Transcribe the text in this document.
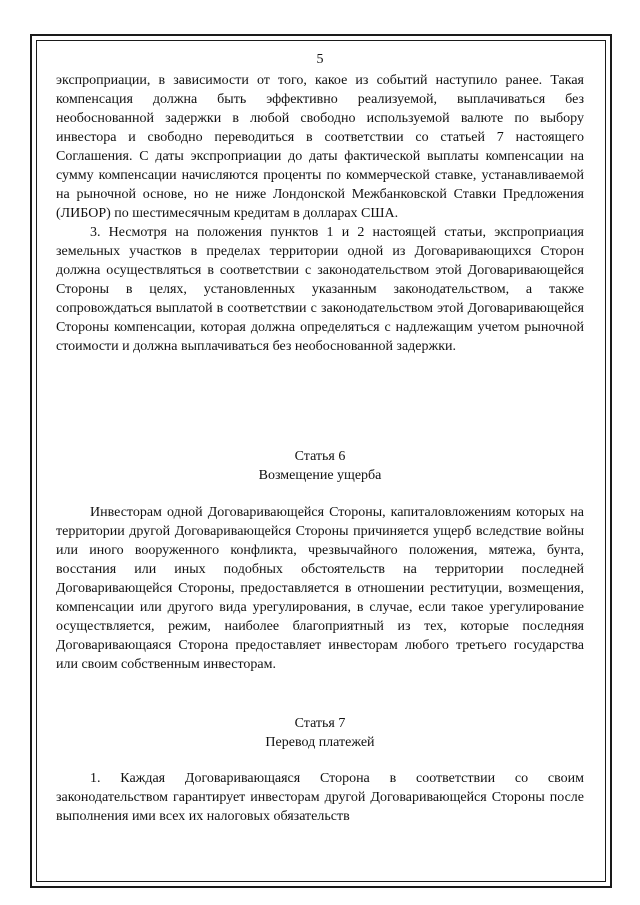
5

экспроприации, в зависимости от того, какое из событий наступило ранее. Такая компенсация должна быть эффективно реализуемой, выплачиваться без необоснованной задержки в любой свободно используемой валюте по выбору инвестора и свободно переводиться в соответствии со статьей 7 настоящего Соглашения. С даты экспроприации до даты фактической выплаты компенсации на сумму компенсации начисляются проценты по коммерческой ставке, устанавливаемой на рыночной основе, но не ниже Лондонской Межбанковской Ставки Предложения (ЛИБОР) по шестимесячным кредитам в долларах США.

3. Несмотря на положения пунктов 1 и 2 настоящей статьи, экспроприация земельных участков в пределах территории одной из Договаривающихся Сторон должна осуществляться в соответствии с законодательством этой Договаривающейся Стороны в целях, установленных указанным законодательством, а также сопровождаться выплатой в соответствии с законодательством этой Договаривающейся Стороны компенсации, которая должна определяться с надлежащим учетом рыночной стоимости и должна выплачиваться без необоснованной задержки.

Статья 6
Возмещение ущерба

Инвесторам одной Договаривающейся Стороны, капиталовложениям которых на территории другой Договаривающейся Стороны причиняется ущерб вследствие войны или иного вооруженного конфликта, чрезвычайного положения, мятежа, бунта, восстания или иных подобных обстоятельств на территории последней Договаривающейся Стороны, предоставляется в отношении реституции, возмещения, компенсации или другого вида урегулирования, в случае, если такое урегулирование осуществляется, режим, наиболее благоприятный из тех, которые последняя Договаривающаяся Сторона предоставляет инвесторам любого третьего государства или своим собственным инвесторам.

Статья 7
Перевод платежей

1. Каждая Договаривающаяся Сторона в соответствии со своим законодательством гарантирует инвесторам другой Договаривающейся Стороны после выполнения ими всех их налоговых обязательств
